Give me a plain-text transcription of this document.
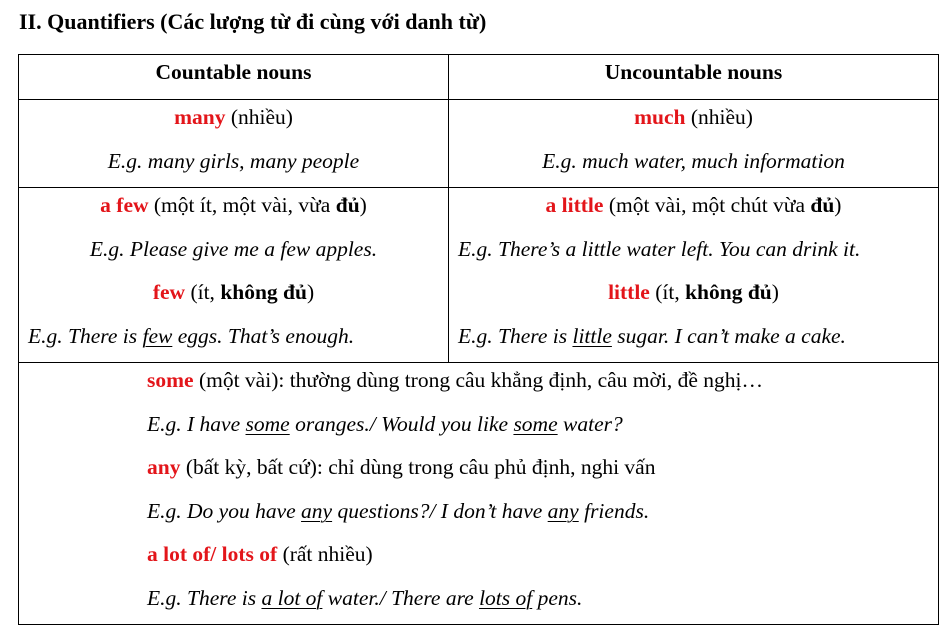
II. Quantifiers (Các lượng từ đi cùng với danh từ)
Countable nouns	Uncountable nouns
many (nhiều)
E.g. many girls, many people
much (nhiều)
E.g. much water, much information
a few (một ít, một vài, vừa đủ)
E.g. Please give me a few apples.
few (ít, không đủ)
E.g. There is few eggs. That’s enough.
a little (một vài, một chút vừa đủ)
E.g. There’s a little water left. You can drink it.
little (ít, không đủ)
E.g. There is little sugar. I can’t make a cake.
some (một vài): thường dùng trong câu khẳng định, câu mời, đề nghị…
E.g. I have some oranges./ Would you like some water?
any (bất kỳ, bất cứ): chỉ dùng trong câu phủ định, nghi vấn
E.g. Do you have any questions?/ I don’t have any friends.
a lot of/ lots of (rất nhiều)
E.g. There is a lot of water./ There are lots of pens.
